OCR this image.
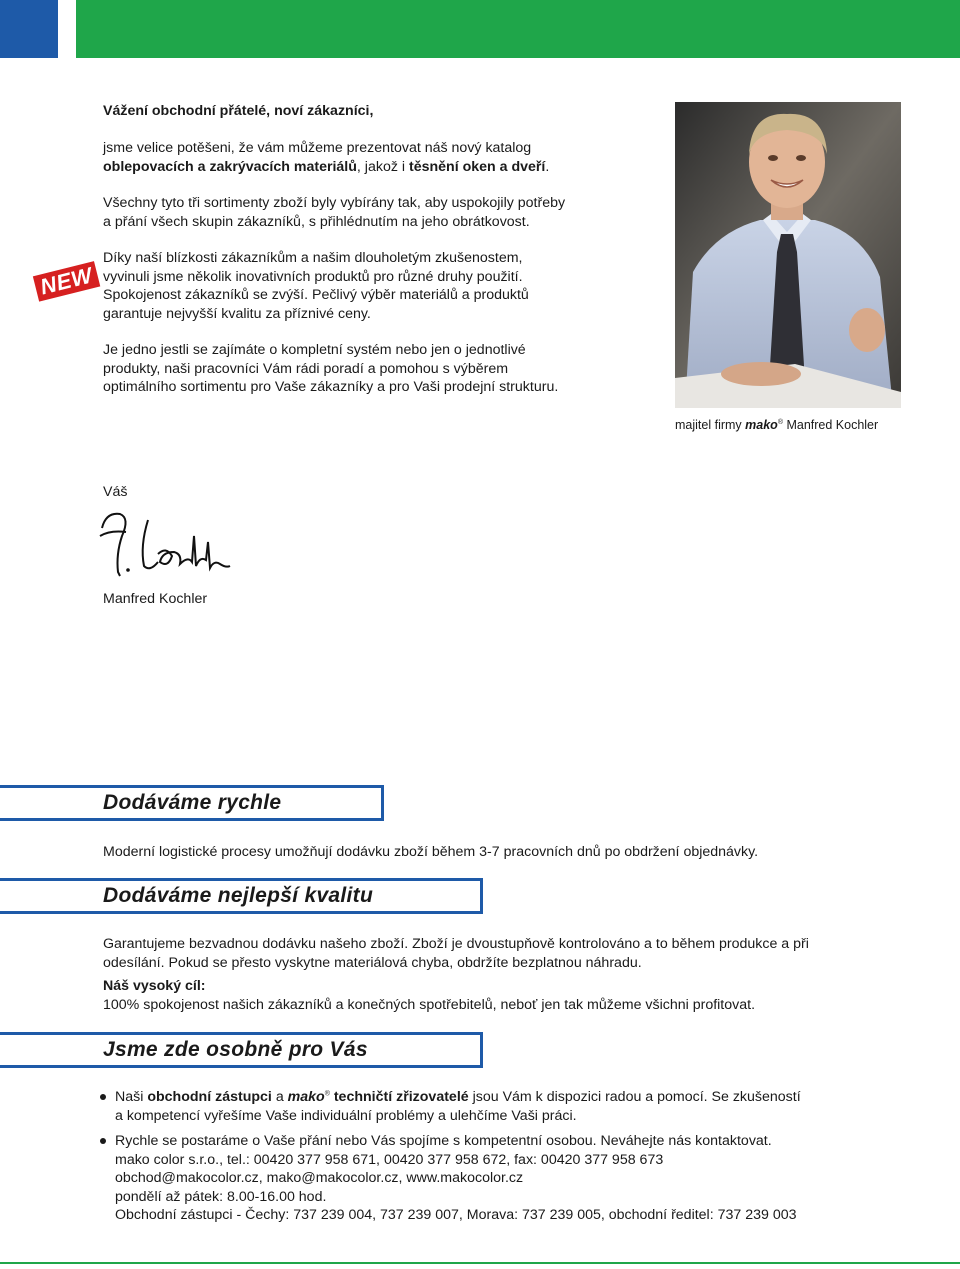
Vážení obchodní přátelé, noví zákazníci,
jsme velice potěšeni, že vám můžeme prezentovat náš nový katalog
oblepovacích a zakrývacích materiálů, jakož i těsnění oken a dveří.
Všechny tyto tři sortimenty zboží byly vybírány tak, aby uspokojily potřeby
a přání všech skupin zákazníků, s přihlédnutím na jeho obrátkovost.
NEW
Díky naší blízkosti zákazníkům a našim dlouholetým zkušenostem,
vyvinuli jsme několik inovativních produktů pro různé druhy použití.
Spokojenost zákazníků se zvýší. Pečlivý výběr materiálů a produktů
garantuje nejvyšší kvalitu za příznivé ceny.
Je jedno jestli se zajímáte o kompletní systém nebo jen o jednotlivé
produkty, naši pracovníci Vám rádi poradí a pomohou s výběrem
optimálního sortimentu pro Vaše zákazníky a pro Vaši prodejní strukturu.
majitel firmy mako® Manfred Kochler
Váš
Manfred Kochler
Dodáváme rychle
Moderní logistické procesy umožňují dodávku zboží během 3-7 pracovních dnů po obdržení objednávky.
Dodáváme nejlepší kvalitu
Garantujeme bezvadnou dodávku našeho zboží. Zboží je dvoustupňově kontrolováno a to během produkce a při
odesílání. Pokud se přesto vyskytne materiálová chyba, obdržíte bezplatnou náhradu.
Náš vysoký cíl:
100% spokojenost našich zákazníků a konečných spotřebitelů, neboť jen tak můžeme všichni profitovat.
Jsme zde osobně pro Vás
Naši obchodní zástupci a mako® techničtí zřizovatelé jsou Vám k dispozici radou a pomocí. Se zkušeností
a kompetencí vyřešíme Vaše individuální problémy a ulehčíme Vaši práci.
Rychle se postaráme o Vaše přání nebo Vás spojíme s kompetentní osobou. Neváhejte nás kontaktovat.
mako color s.r.o., tel.: 00420 377 958 671, 00420 377 958 672, fax: 00420 377 958 673
obchod@makocolor.cz, mako@makocolor.cz, www.makocolor.cz
pondělí až pátek: 8.00-16.00 hod.
Obchodní zástupci - Čechy: 737 239 004, 737 239 007, Morava: 737 239 005, obchodní ředitel: 737 239 003
